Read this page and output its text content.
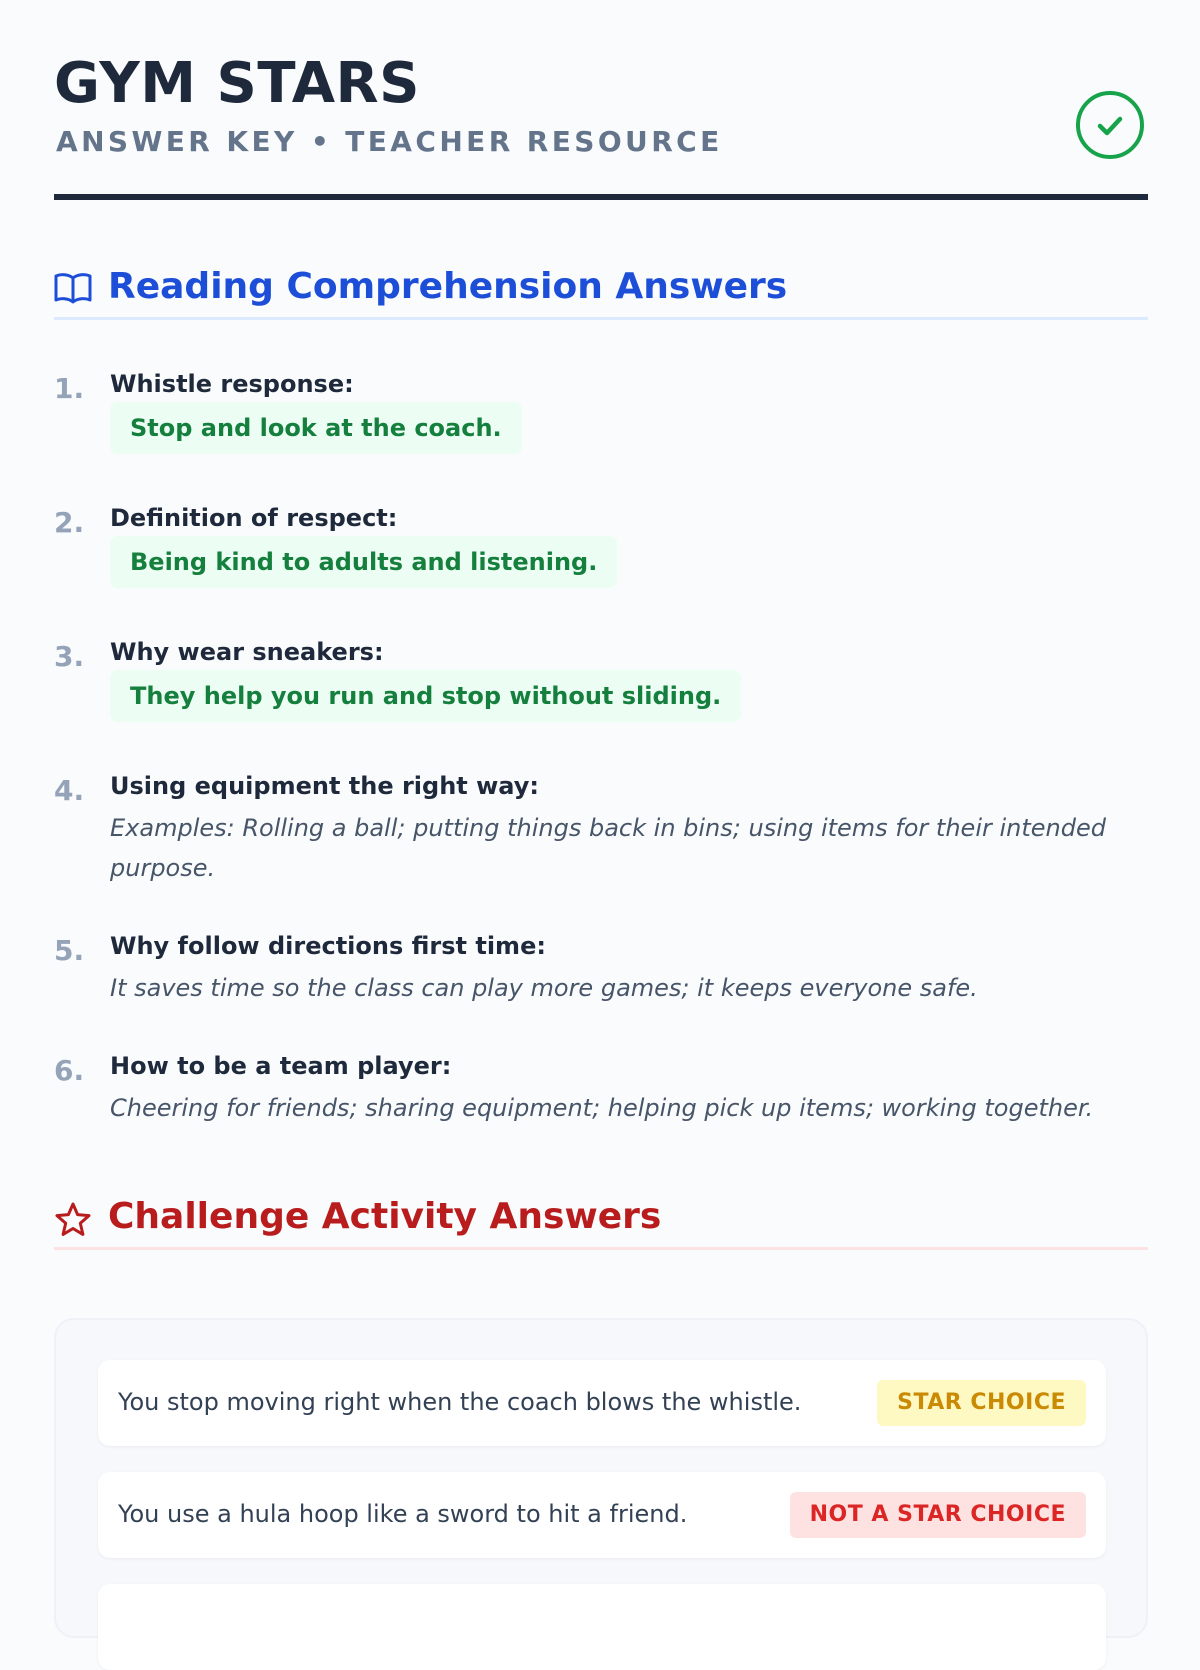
GYM STARS
ANSWER KEY • TEACHER RESOURCE
Reading Comprehension Answers
1. Whistle response:
Stop and look at the coach.
2. Definition of respect:
Being kind to adults and listening.
3. Why wear sneakers:
They help you run and stop without sliding.
4. Using equipment the right way:
Examples: Rolling a ball; putting things back in bins; using items for their intended purpose.
5. Why follow directions first time:
It saves time so the class can play more games; it keeps everyone safe.
6. How to be a team player:
Cheering for friends; sharing equipment; helping pick up items; working together.
Challenge Activity Answers
You stop moving right when the coach blows the whistle.	STAR CHOICE
You use a hula hoop like a sword to hit a friend.	NOT A STAR CHOICE
